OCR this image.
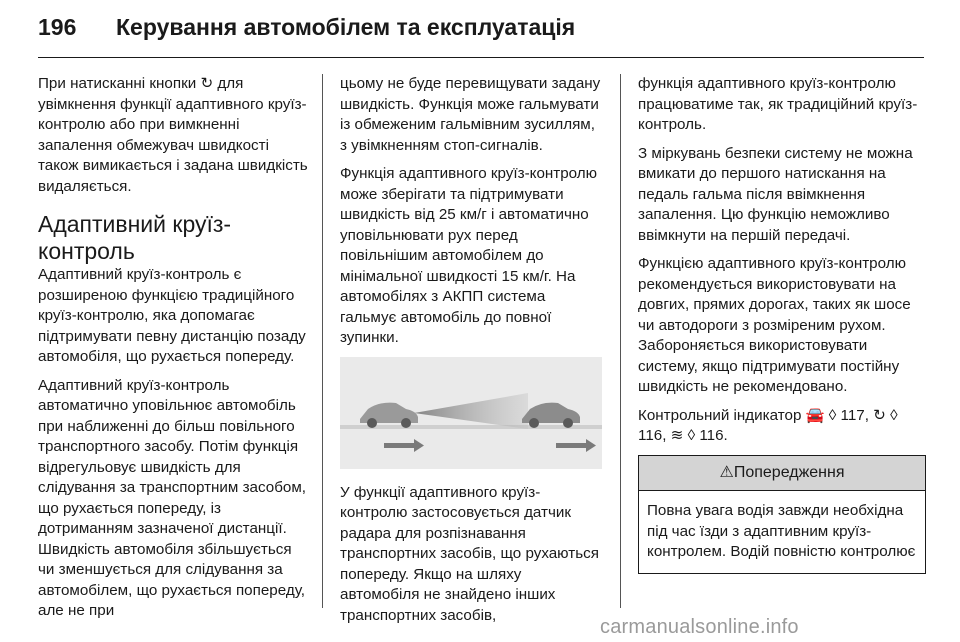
196 Керування автомобілем та експлуатація

При натисканні кнопки ↻ для увімкнення функції адаптивного круїз-контролю або при вимкненні запалення обмежувач швидкості також вимикається і задана швидкість видаляється.

Адаптивний круїз-контроль

Адаптивний круїз-контроль є розширеною функцією традиційного круїз-контролю, яка допомагає підтримувати певну дистанцію позаду автомобіля, що рухається попереду.

Адаптивний круїз-контроль автоматично уповільнює автомобіль при наближенні до більш повільного транспортного засобу. Потім функція відрегульовує швидкість для слідування за транспортним засобом, що рухається попереду, із дотриманням зазначеної дистанції. Швидкість автомобіля збільшується чи зменшується для слідування за автомобілем, що рухається попереду, але не при

цьому не буде перевищувати задану швидкість. Функція може гальмувати із обмеженим гальмівним зусиллям, з увімкненням стоп-сигналів.

Функція адаптивного круїз-контролю може зберігати та підтримувати швидкість від 25 км/г і автоматично уповільнювати рух перед повільнішим автомобілем до мінімальної швидкості 15 км/г. На автомобілях з АКПП система гальмує автомобіль до повної зупинки.

У функції адаптивного круїз-контролю застосовується датчик радара для розпізнавання транспортних засобів, що рухаються попереду. Якщо на шляху автомобіля не знайдено інших транспортних засобів,

функція адаптивного круїз-контролю працюватиме так, як традиційний круїз-контроль.

З міркувань безпеки систему не можна вмикати до першого натискання на педаль гальма після ввімкнення запалення. Цю функцію неможливо ввімкнути на першій передачі.

Функцією адаптивного круїз-контролю рекомендується використовувати на довгих, прямих дорогах, таких як шосе чи автодороги з розміреним рухом. Забороняється використовувати систему, якщо підтримувати постійну швидкість не рекомендовано.

Контрольний індикатор 🚘 ◊ 117, ↻ ◊ 116, ≋ ◊ 116.

⚠Попередження
Повна увага водія завжди необхідна під час їзди з адаптивним круїз-контролем. Водій повністю контролює
carmanualsonline.info
